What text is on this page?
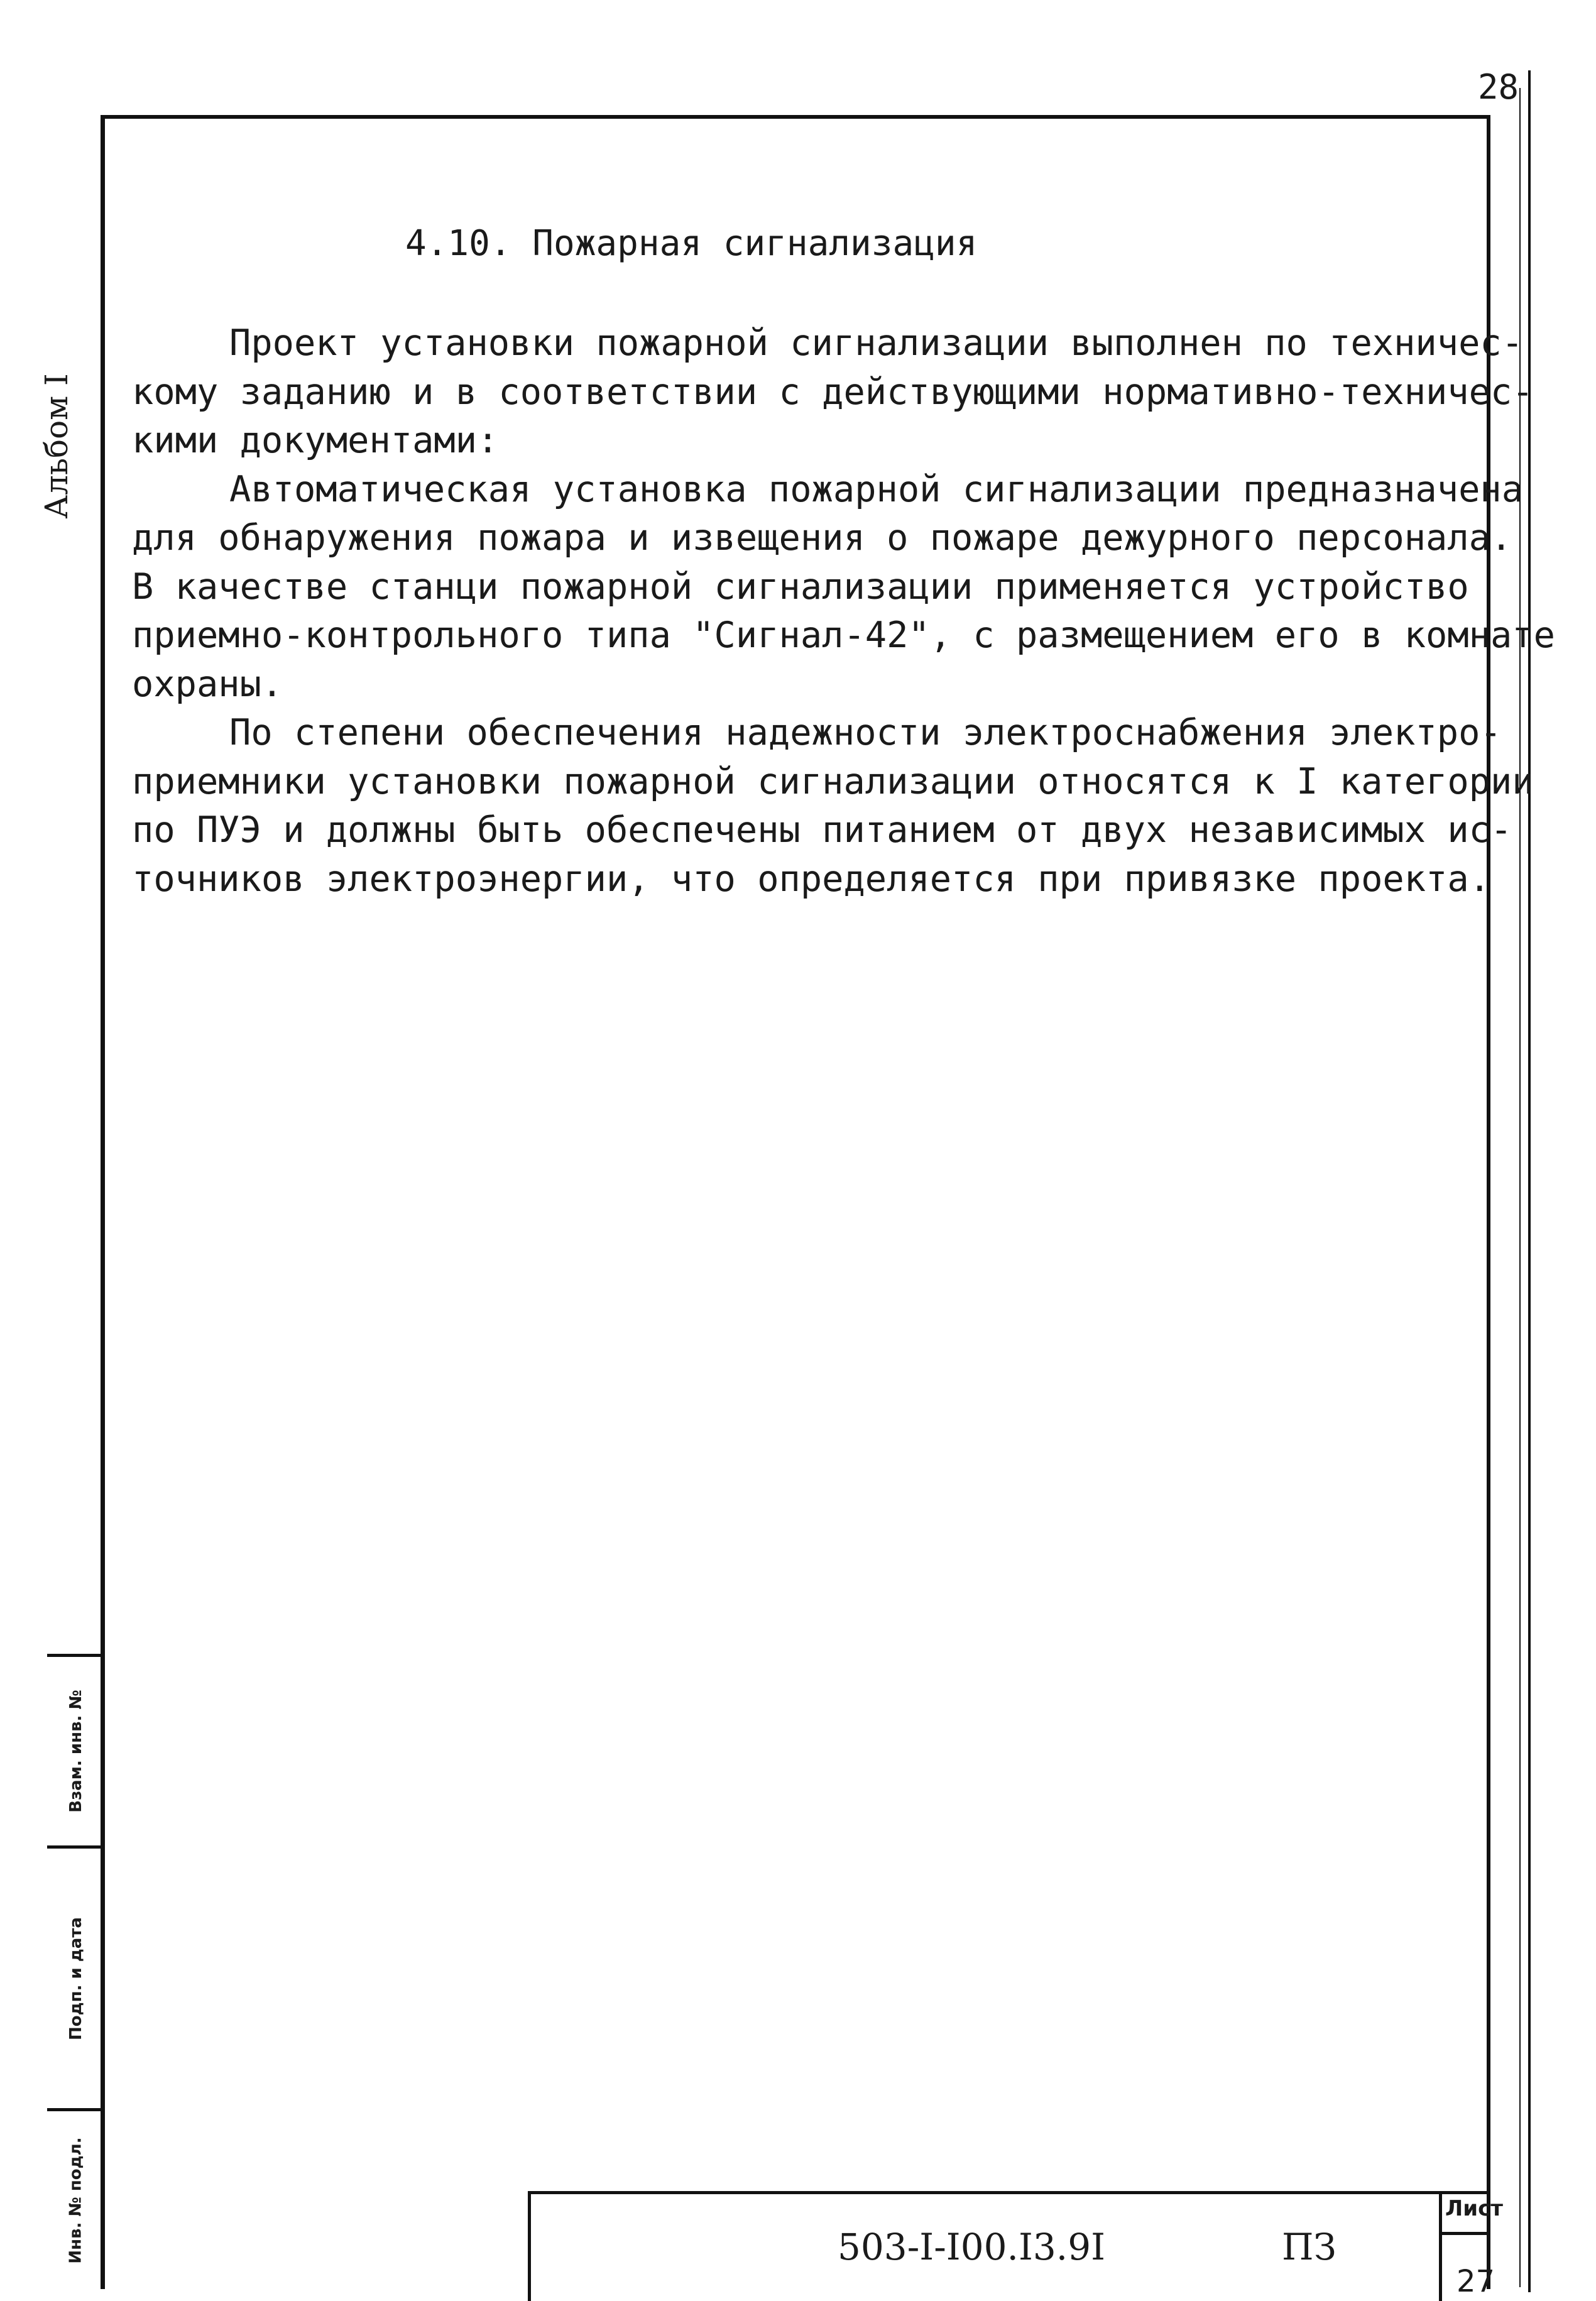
28
Альбом I
Взам. инв. №
Подп. и дата
Инв. № подл.
4.10. Пожарная сигнализация

Проект установки пожарной сигнализации выполнен по техничес-
кому заданию и в соответствии с действующими нормативно-техничес-
кими документами:

Автоматическая установка пожарной сигнализации предназначена
для обнаружения пожара и извещения о пожаре дежурного персонала.
В качестве станци пожарной сигнализации применяется устройство
приемно-контрольного типа "Сигнал-42", с размещением его в комнате
охраны.

По степени обеспечения надежности электроснабжения электро-
приемники установки пожарной сигнализации относятся к I категории
по ПУЭ и должны быть обеспечены питанием от двух независимых ис-
точников электроэнергии, что определяется при привязке проекта.

503-I-I00.I3.9I	ПЗ
Лист
27
